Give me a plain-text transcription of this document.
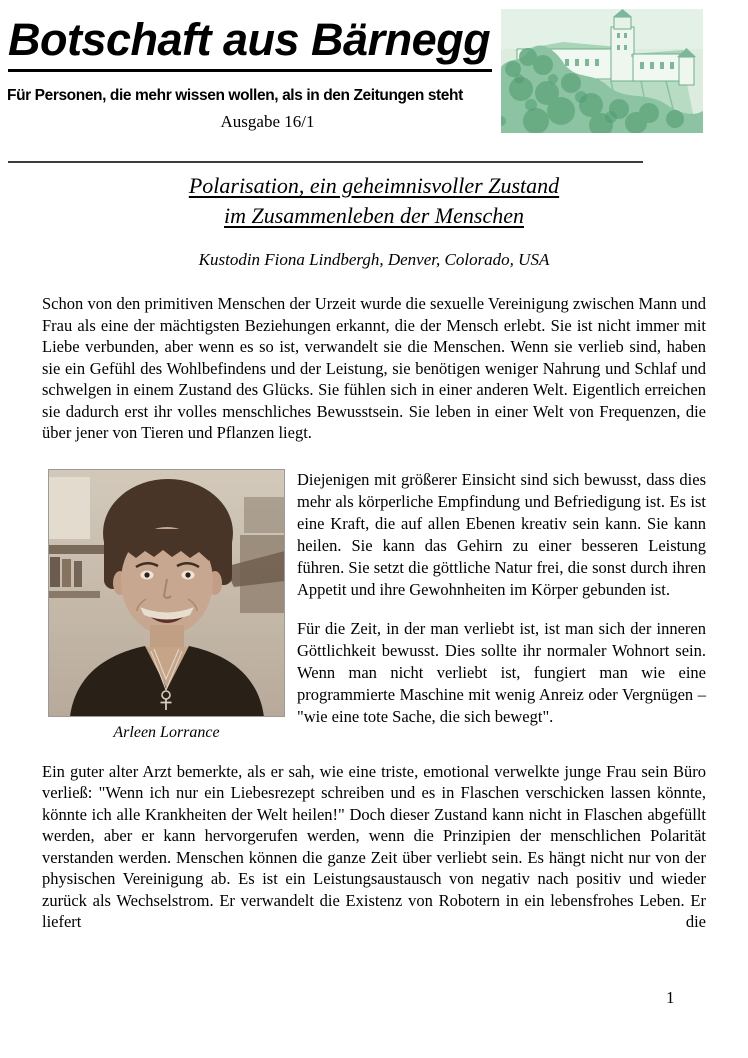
Botschaft aus Bärnegg
Für Personen, die mehr wissen wollen, als in den Zeitungen steht
Ausgabe 16/1
Polarisation, ein geheimnisvoller Zustand
im Zusammenleben der Menschen
Kustodin Fiona Lindbergh, Denver, Colorado, USA

Schon von den primitiven Menschen der Urzeit wurde die sexuelle Vereinigung zwischen Mann und Frau als eine der mächtigsten Beziehungen erkannt, die der Mensch erlebt. Sie ist nicht immer mit Liebe verbunden, aber wenn es so ist, verwandelt sie die Menschen. Wenn sie verlieb sind, haben sie ein Gefühl des Wohlbefindens und der Leistung, sie benötigen weniger Nahrung und Schlaf und schwelgen in einem Zustand des Glücks. Sie fühlen sich in einer anderen Welt. Eigentlich erreichen sie dadurch erst ihr volles menschliches Bewusstsein. Sie leben in einer Welt von Frequenzen, die über jener von Tieren und Pflanzen liegt.

Arleen Lorrance

Diejenigen mit größerer Einsicht sind sich bewusst, dass dies mehr als körperliche Empfindung und Befriedigung ist. Es ist eine Kraft, die auf allen Ebenen kreativ sein kann. Sie kann heilen. Sie kann das Gehirn zu einer besseren Leistung führen. Sie setzt die göttliche Natur frei, die sonst durch ihren Appetit und ihre Gewohnheiten im Körper gebunden ist.

Für die Zeit, in der man verliebt ist, ist man sich der inneren Göttlichkeit bewusst. Dies sollte ihr normaler Wohnort sein. Wenn man nicht verliebt ist, fungiert man wie eine programmierte Maschine mit wenig Anreiz oder Vergnügen – "wie eine tote Sache, die sich bewegt".

Ein guter alter Arzt bemerkte, als er sah, wie eine triste, emotional verwelkte junge Frau sein Büro verließ: "Wenn ich nur ein Liebesrezept schreiben und es in Flaschen verschicken lassen könnte, könnte ich alle Krankheiten der Welt heilen!" Doch dieser Zustand kann nicht in Flaschen abgefüllt werden, aber er kann hervorgerufen werden, wenn die Prinzipien der menschlichen Polarität verstanden werden. Menschen können die ganze Zeit über verliebt sein. Es hängt nicht nur von der physischen Vereinigung ab. Es ist ein Leistungsaustausch von negativ nach positiv und wieder zurück als Wechselstrom. Er verwandelt die Existenz von Robotern in ein lebensfrohes Leben. Er liefert die

1
